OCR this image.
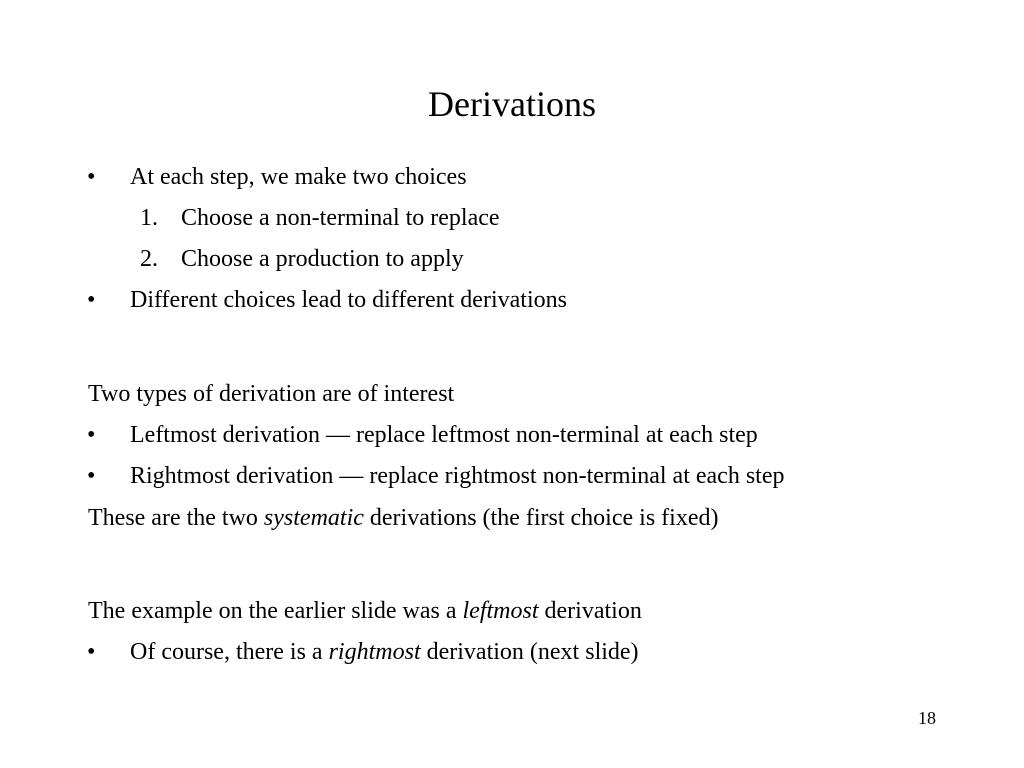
Derivations
• At each step, we make two choices
1. Choose a non-terminal to replace
2. Choose a production to apply
• Different choices lead to different derivations
Two types of derivation are of interest
• Leftmost derivation — replace leftmost non-terminal at each step
• Rightmost derivation — replace rightmost non-terminal at each step
These are the two systematic derivations (the first choice is fixed)
The example on the earlier slide was a leftmost derivation
• Of course, there is a rightmost derivation (next slide)
18
